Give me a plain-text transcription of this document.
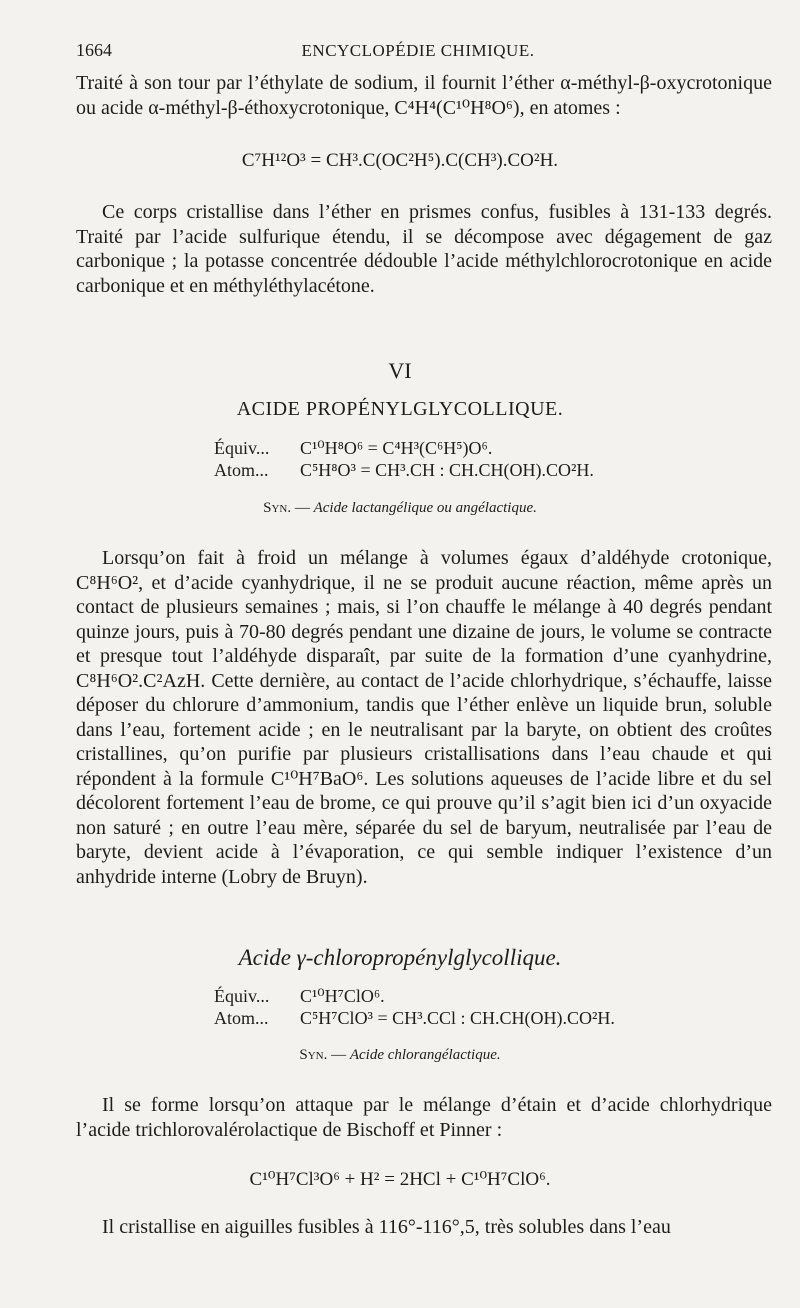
1664	ENCYCLOPÉDIE CHIMIQUE.

Traité à son tour par l’éthylate de sodium, il fournit l’éther α-méthyl-β-oxycrotonique ou acide α-méthyl-β-éthoxycrotonique, C⁴H⁴(C¹⁰H⁸O⁶), en atomes :

C⁷H¹²O³ = CH³.C(OC²H⁵).C(CH³).CO²H.

Ce corps cristallise dans l’éther en prismes confus, fusibles à 131-133 degrés. Traité par l’acide sulfurique étendu, il se décompose avec dégagement de gaz carbonique ; la potasse concentrée dédouble l’acide méthylchlorocrotonique en acide carbonique et en méthyléthylacétone.

VI
ACIDE PROPÉNYLGLYCOLLIQUE.
Équiv... C¹⁰H⁸O⁶ = C⁴H³(C⁶H⁵)O⁶.
Atom... C⁵H⁸O³ = CH³.CH : CH.CH(OH).CO²H.
Syn. — Acide lactangélique ou angélactique.

Lorsqu’on fait à froid un mélange à volumes égaux d’aldéhyde crotonique, C⁸H⁶O², et d’acide cyanhydrique, il ne se produit aucune réaction, même après un contact de plusieurs semaines ; mais, si l’on chauffe le mélange à 40 degrés pendant quinze jours, puis à 70-80 degrés pendant une dizaine de jours, le volume se contracte et presque tout l’aldéhyde disparaît, par suite de la formation d’une cyanhydrine, C⁸H⁶O².C²AzH. Cette dernière, au contact de l’acide chlorhydrique, s’échauffe, laisse déposer du chlorure d’ammonium, tandis que l’éther enlève un liquide brun, soluble dans l’eau, fortement acide ; en le neutralisant par la baryte, on obtient des croûtes cristallines, qu’on purifie par plusieurs cristallisations dans l’eau chaude et qui répondent à la formule C¹⁰H⁷BaO⁶. Les solutions aqueuses de l’acide libre et du sel décolorent fortement l’eau de brome, ce qui prouve qu’il s’agit bien ici d’un oxyacide non saturé ; en outre l’eau mère, séparée du sel de baryum, neutralisée par l’eau de baryte, devient acide à l’évaporation, ce qui semble indiquer l’existence d’un anhydride interne (Lobry de Bruyn).

Acide γ-chloropropénylglycollique.
Équiv... C¹⁰H⁷ClO⁶.
Atom... C⁵H⁷ClO³ = CH³.CCl : CH.CH(OH).CO²H.
Syn. — Acide chlorangélactique.

Il se forme lorsqu’on attaque par le mélange d’étain et d’acide chlorhydrique l’acide trichlorovalérolactique de Bischoff et Pinner :

C¹⁰H⁷Cl³O⁶ + H² = 2HCl + C¹⁰H⁷ClO⁶.

Il cristallise en aiguilles fusibles à 116°-116°,5, très solubles dans l’eau
